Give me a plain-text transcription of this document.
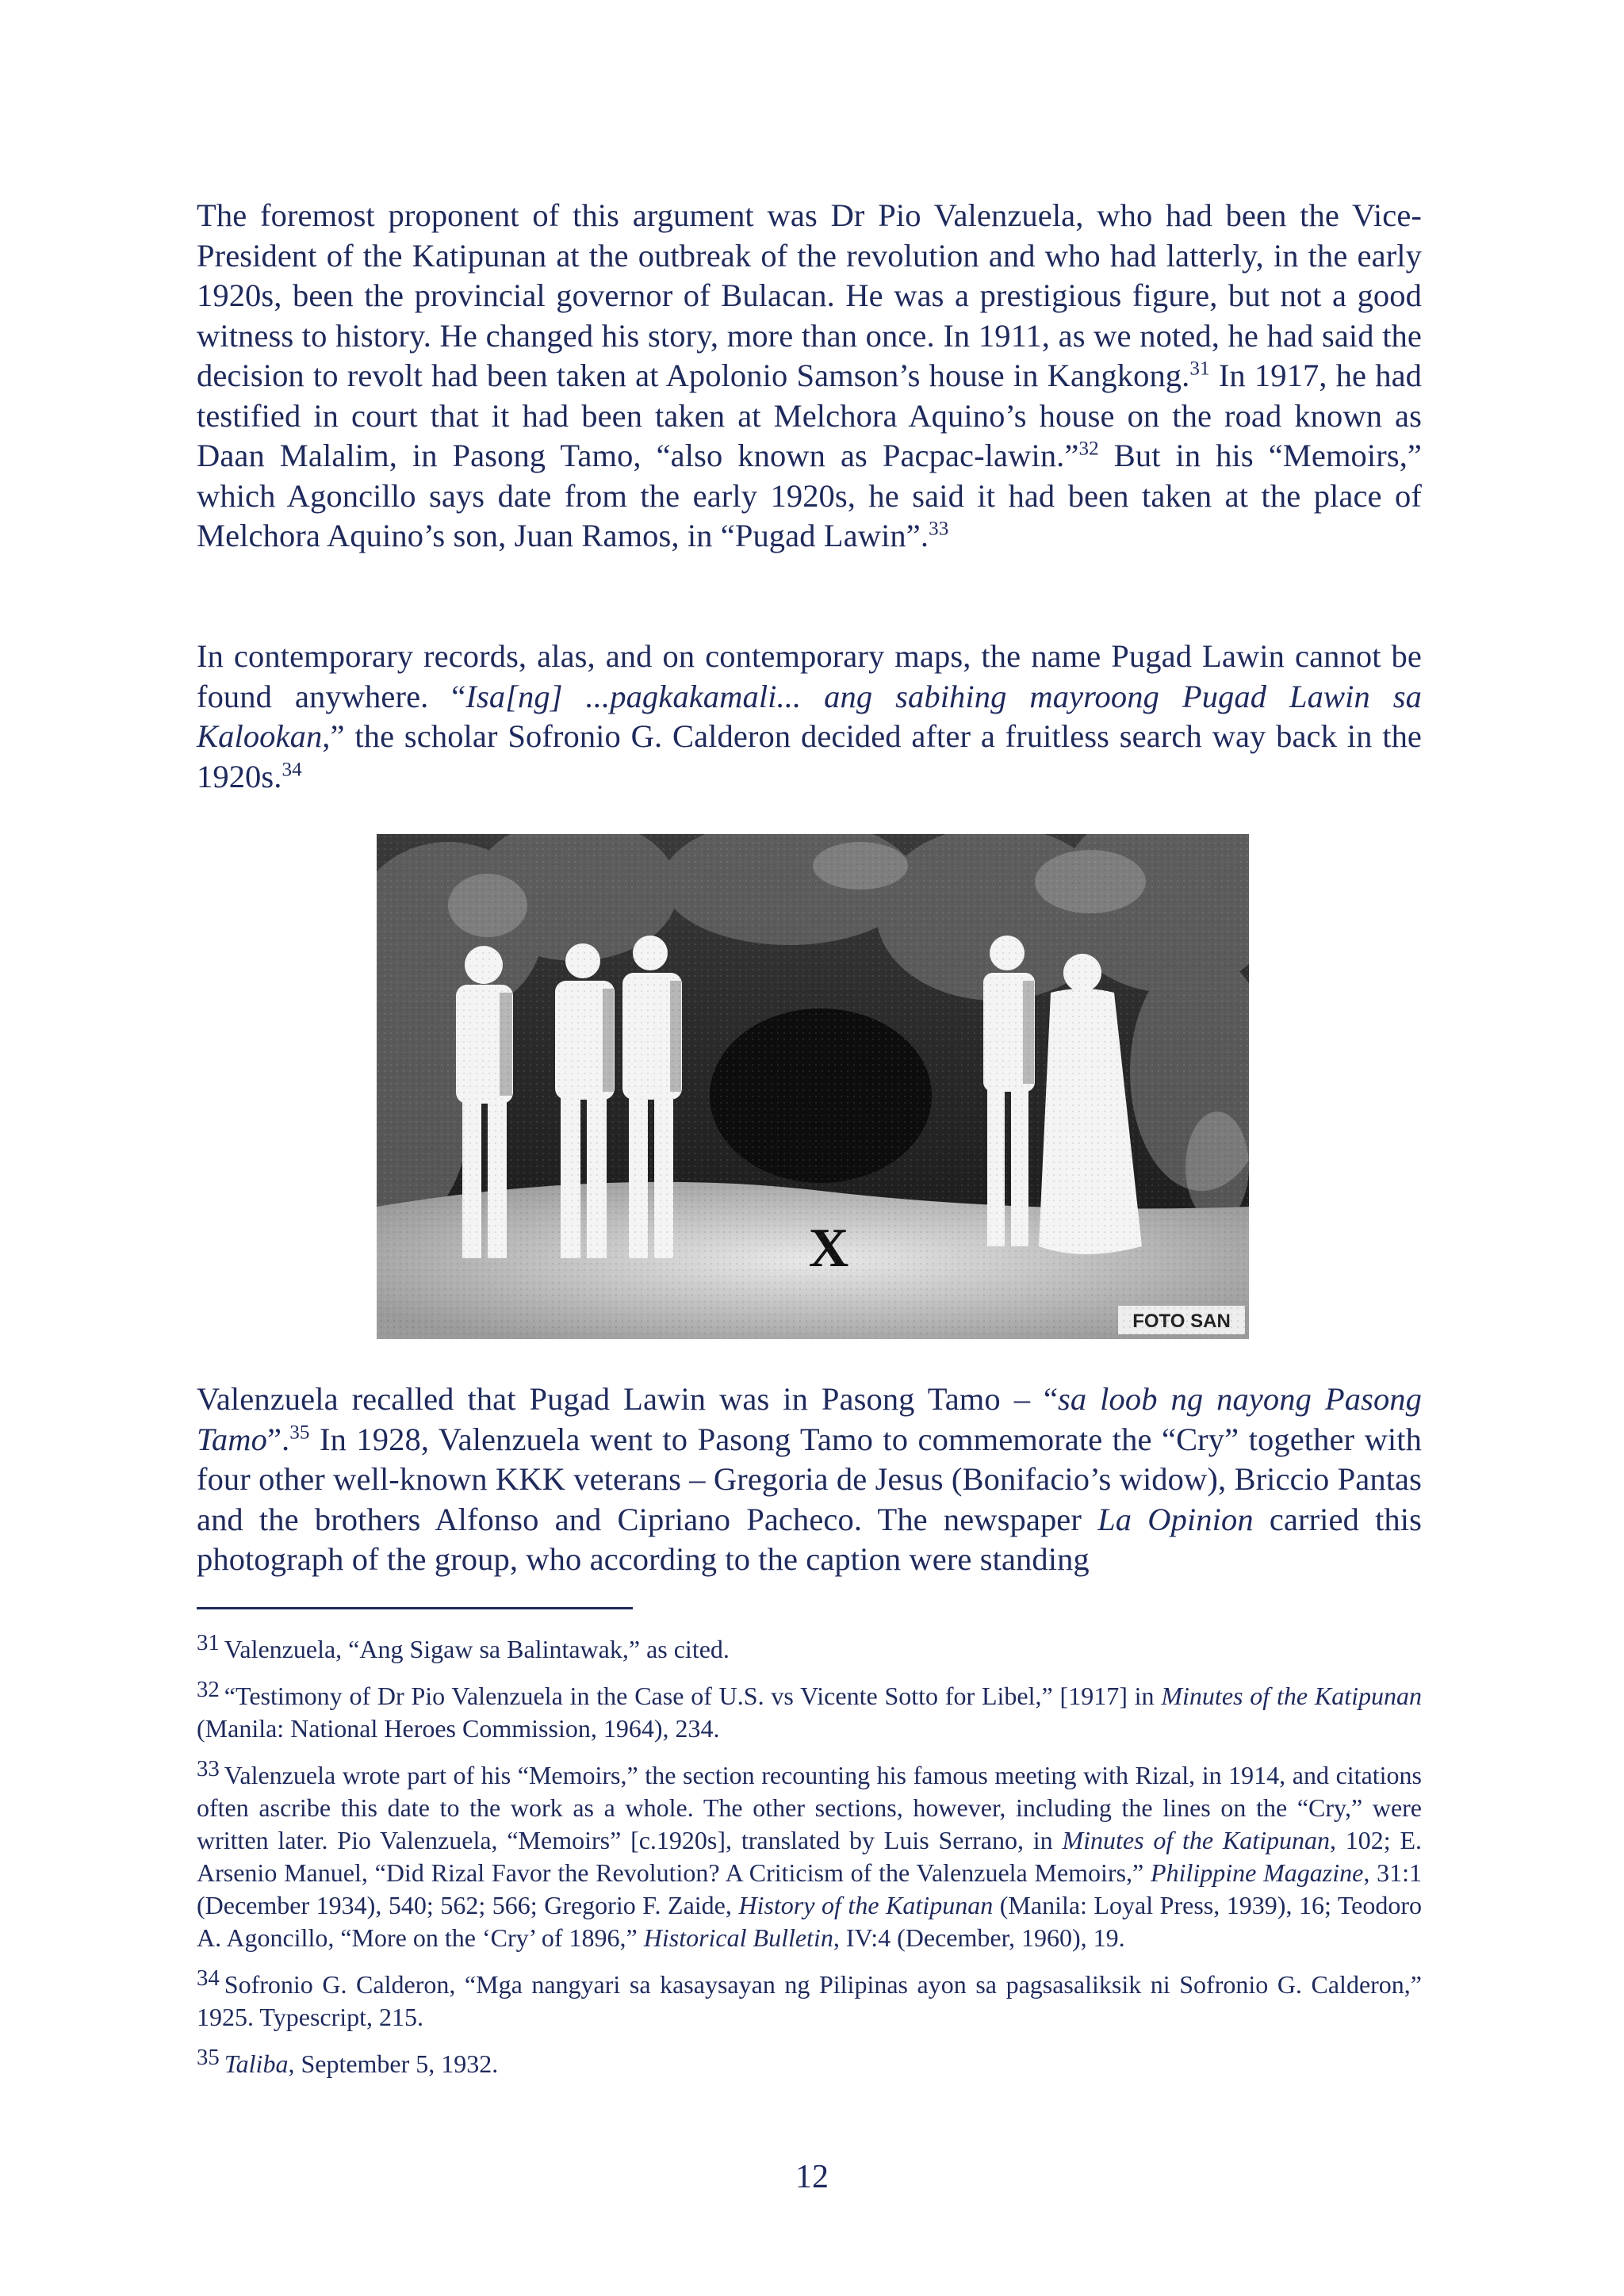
The foremost proponent of this argument was Dr Pio Valenzuela, who had been the Vice-President of the Katipunan at the outbreak of the revolution and who had latterly, in the early 1920s, been the provincial governor of Bulacan. He was a prestigious figure, but not a good witness to history. He changed his story, more than once. In 1911, as we noted, he had said the decision to revolt had been taken at Apolonio Samson’s house in Kangkong.$^{31}$ In 1917, he had testified in court that it had been taken at Melchora Aquino’s house on the road known as Daan Malalim, in Pasong Tamo, “also known as Pacpac-lawin.”$^{32}$ But in his “Memoirs,” which Agoncillo says date from the early 1920s, he said it had been taken at the place of Melchora Aquino’s son, Juan Ramos, in “Pugad Lawin”.$^{33}$

In contemporary records, alas, and on contemporary maps, the name Pugad Lawin cannot be found anywhere. “Isa[ng] ...pagkakamali... ang sabihing mayroong Pugad Lawin sa Kalookan,” the scholar Sofronio G. Calderon decided after a fruitless search way back in the 1920s.$^{34}$

Valenzuela recalled that Pugad Lawin was in Pasong Tamo – “sa loob ng nayong Pasong Tamo”.$^{35}$ In 1928, Valenzuela went to Pasong Tamo to commemorate the “Cry” together with four other well-known KKK veterans – Gregoria de Jesus (Bonifacio’s widow), Briccio Pantas and the brothers Alfonso and Cipriano Pacheco. The newspaper La Opinion carried this photograph of the group, who according to the caption were standing

31 Valenzuela, “Ang Sigaw sa Balintawak,” as cited.

32 “Testimony of Dr Pio Valenzuela in the Case of U.S. vs Vicente Sotto for Libel,” [1917] in Minutes of the Katipunan (Manila: National Heroes Commission, 1964), 234.

33 Valenzuela wrote part of his “Memoirs,” the section recounting his famous meeting with Rizal, in 1914, and citations often ascribe this date to the work as a whole. The other sections, however, including the lines on the “Cry,” were written later. Pio Valenzuela, “Memoirs” [c.1920s], translated by Luis Serrano, in Minutes of the Katipunan, 102; E. Arsenio Manuel, “Did Rizal Favor the Revolution? A Criticism of the Valenzuela Memoirs,” Philippine Magazine, 31:1 (December 1934), 540; 562; 566; Gregorio F. Zaide, History of the Katipunan (Manila: Loyal Press, 1939), 16; Teodoro A. Agoncillo, “More on the ‘Cry’ of 1896,” Historical Bulletin, IV:4 (December, 1960), 19.

34 Sofronio G. Calderon, “Mga nangyari sa kasaysayan ng Pilipinas ayon sa pagsasaliksik ni Sofronio G. Calderon,” 1925. Typescript, 215.

35 Taliba, September 5, 1932.

12
